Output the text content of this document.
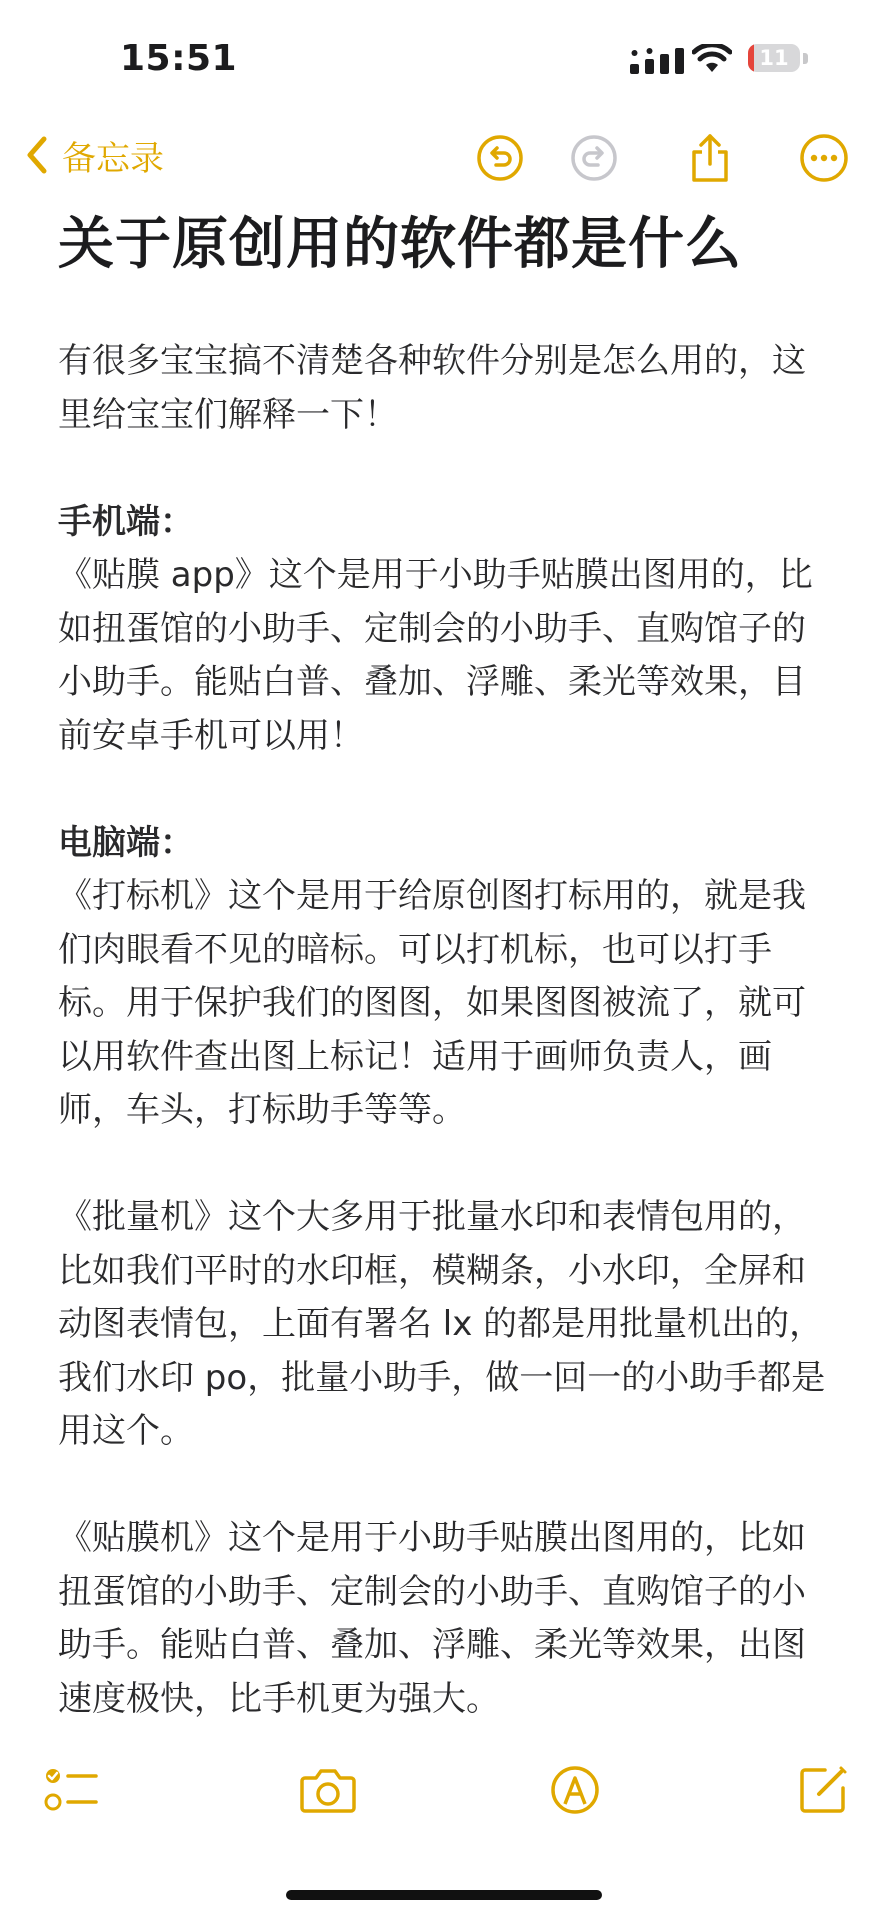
15:51	11
备忘录
关于原创用的软件都是什么

有很多宝宝搞不清楚各种软件分别是怎么用的，这里给宝宝们解释一下！

手机端：

《贴膜 app》这个是用于小助手贴膜出图用的，比如扭蛋馆的小助手、定制会的小助手、直购馆子的小助手。能贴白普、叠加、浮雕、柔光等效果，目前安卓手机可以用！

电脑端：

《打标机》这个是用于给原创图打标用的，就是我们肉眼看不见的暗标。可以打机标，也可以打手标。用于保护我们的图图，如果图图被流了，就可以用软件查出图上标记！适用于画师负责人，画师，车头，打标助手等等。

《批量机》这个大多用于批量水印和表情包用的，比如我们平时的水印框，模糊条，小水印，全屏和动图表情包，上面有署名 lx 的都是用批量机出的，我们水印 po，批量小助手，做一回一的小助手都是用这个。

《贴膜机》这个是用于小助手贴膜出图用的，比如扭蛋馆的小助手、定制会的小助手、直购馆子的小助手。能贴白普、叠加、浮雕、柔光等效果，出图速度极快，比手机更为强大。
